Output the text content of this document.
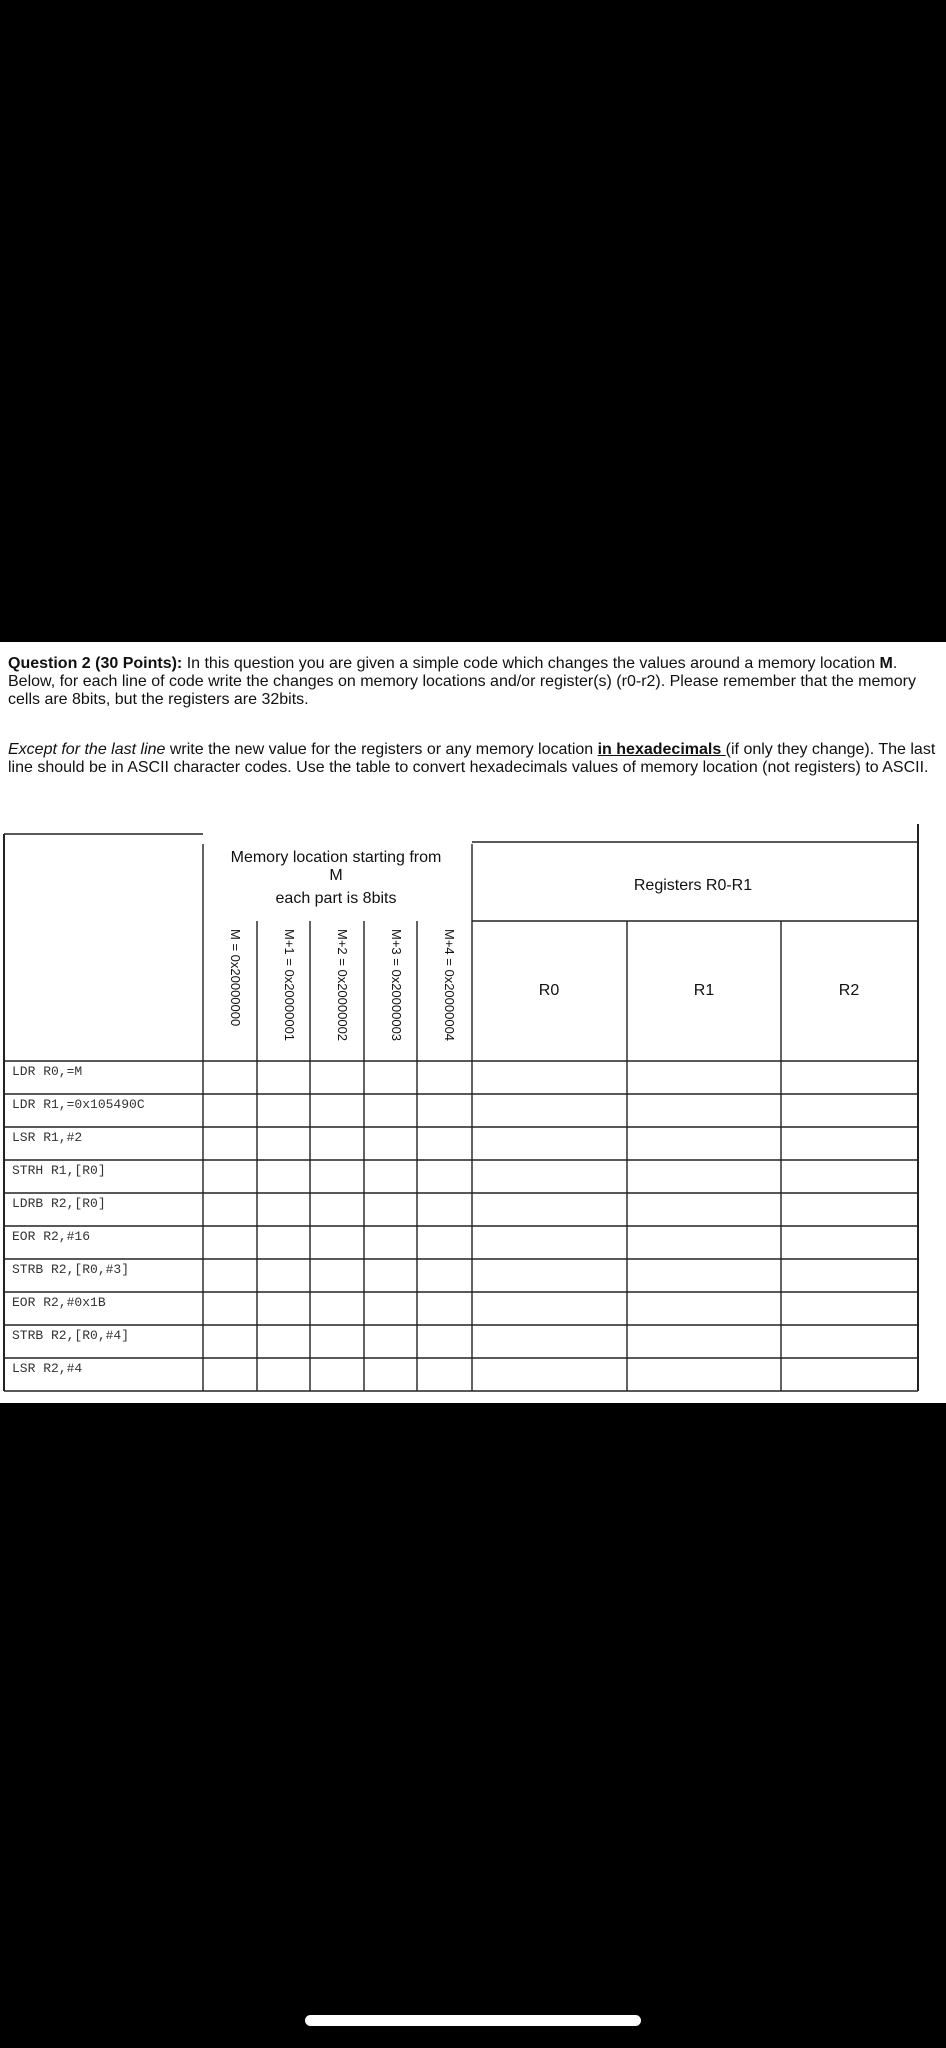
Question 2 (30 Points): In this question you are given a simple code which changes the values around a memory location M. Below, for each line of code write the changes on memory locations and/or register(s) (r0-r2). Please remember that the memory cells are 8bits, but the registers are 32bits.

Except for the last line write the new value for the registers or any memory location in hexadecimals (if only they change). The last line should be in ASCII character codes. Use the table to convert hexadecimals values of memory location (not registers) to ASCII.

Memory location starting from
M
each part is 8bits
Registers R0-R1
M = 0x20000000	M+1 = 0x20000001	M+2 = 0x20000002	M+3 = 0x20000003	M+4 = 0x20000004	R0	R1	R2
LDR R0,=M
LDR R1,=0x105490C
LSR R1,#2
STRH R1,[R0]
LDRB R2,[R0]
EOR R2,#16
STRB R2,[R0,#3]
EOR R2,#0x1B
STRB R2,[R0,#4]
LSR R2,#4
